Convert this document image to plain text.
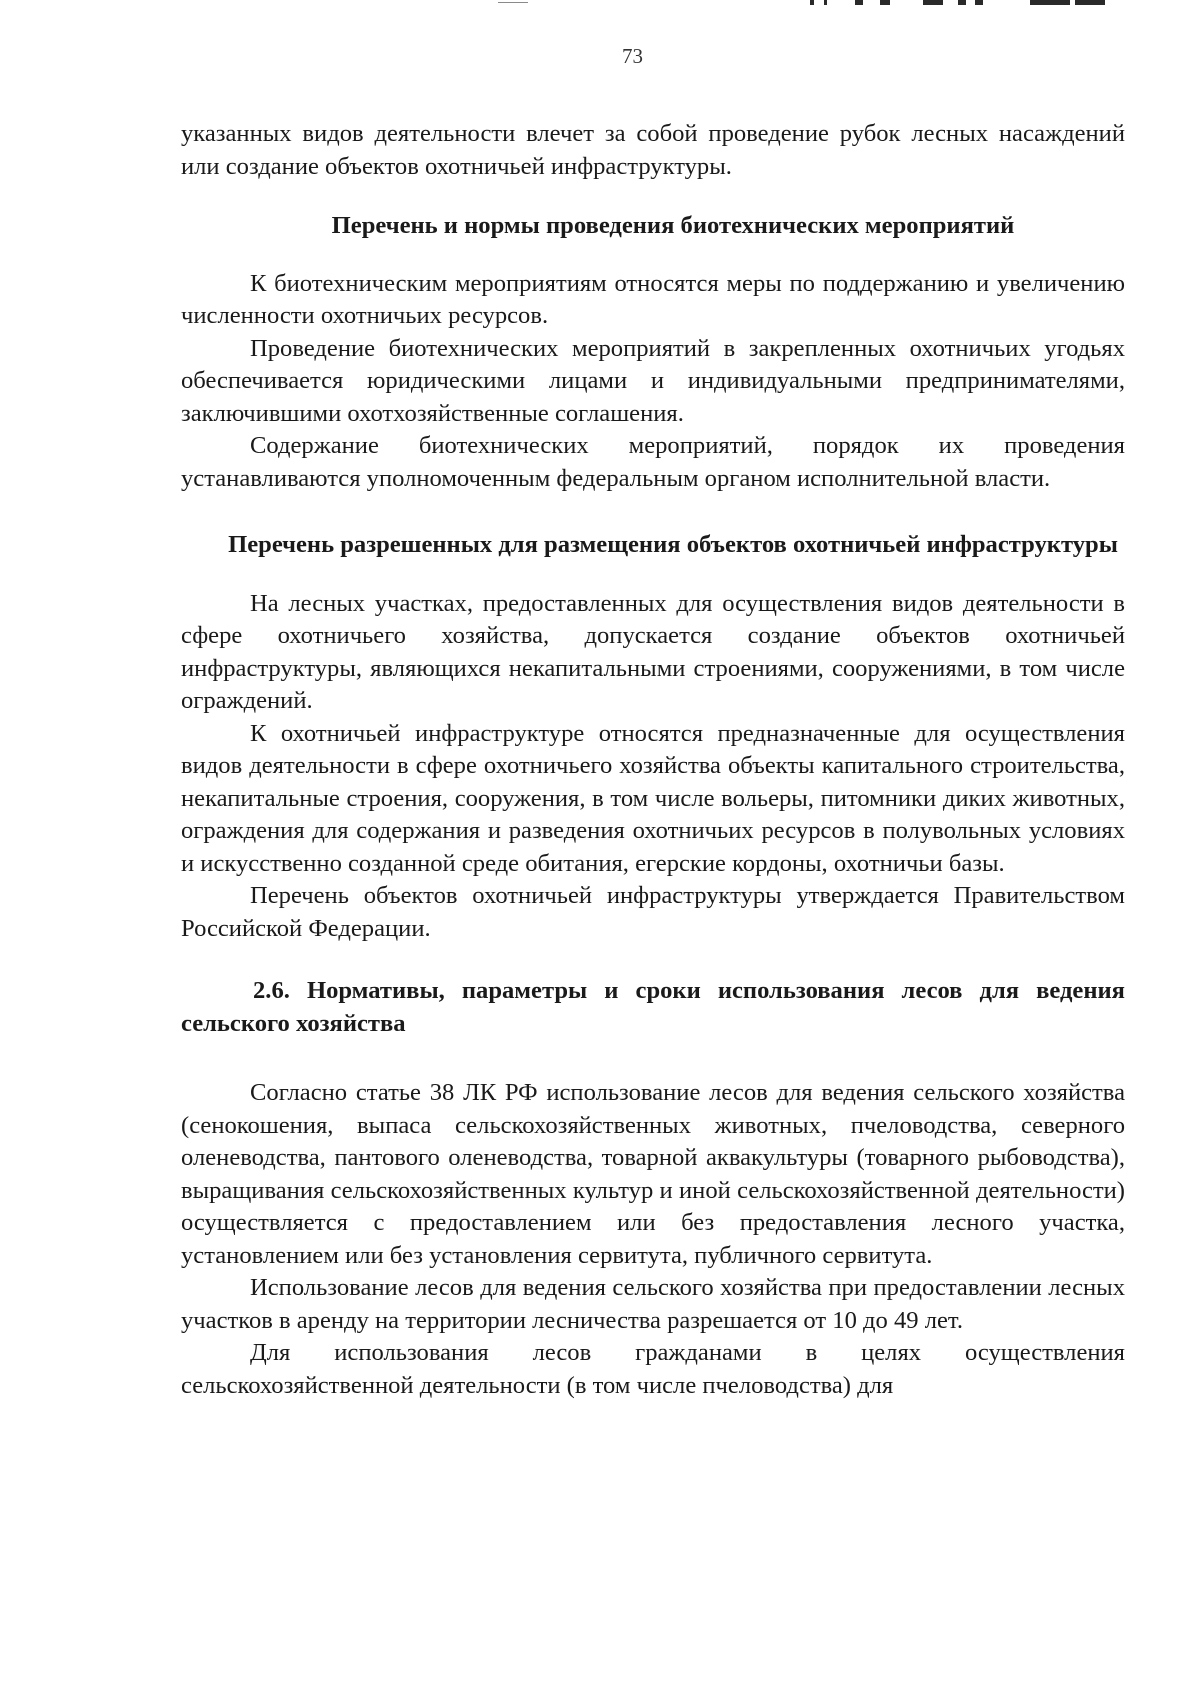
73

указанных видов деятельности влечет за собой проведение рубок лесных насаждений или создание объектов охотничьей инфраструктуры.

Перечень и нормы проведения биотехнических мероприятий

К биотехническим мероприятиям относятся меры по поддержанию и увеличению численности охотничьих ресурсов.

Проведение биотехнических мероприятий в закрепленных охотничьих угодьях обеспечивается юридическими лицами и индивидуальными предпринимателями, заключившими охотхозяйственные соглашения.

Содержание биотехнических мероприятий, порядок их проведения устанавливаются уполномоченным федеральным органом исполнительной власти.

Перечень разрешенных для размещения объектов охотничьей инфраструктуры

На лесных участках, предоставленных для осуществления видов деятельности в сфере охотничьего хозяйства, допускается создание объектов охотничьей инфраструктуры, являющихся некапитальными строениями, сооружениями, в том числе ограждений.

К охотничьей инфраструктуре относятся предназначенные для осуществления видов деятельности в сфере охотничьего хозяйства объекты капитального строительства, некапитальные строения, сооружения, в том числе вольеры, питомники диких животных, ограждения для содержания и разведения охотничьих ресурсов в полувольных условиях и искусственно созданной среде обитания, егерские кордоны, охотничьи базы.

Перечень объектов охотничьей инфраструктуры утверждается Правительством Российской Федерации.

2.6. Нормативы, параметры и сроки использования лесов для ведения сельского хозяйства

Согласно статье 38 ЛК РФ использование лесов для ведения сельского хозяйства (сенокошения, выпаса сельскохозяйственных животных, пчеловодства, северного оленеводства, пантового оленеводства, товарной аквакультуры (товарного рыбоводства), выращивания сельскохозяйственных культур и иной сельскохозяйственной деятельности) осуществляется с предоставлением или без предоставления лесного участка, установлением или без установления сервитута, публичного сервитута.

Использование лесов для ведения сельского хозяйства при предоставлении лесных участков в аренду на территории лесничества разрешается от 10 до 49 лет.

Для использования лесов гражданами в целях осуществления сельскохозяйственной деятельности (в том числе пчеловодства) для
